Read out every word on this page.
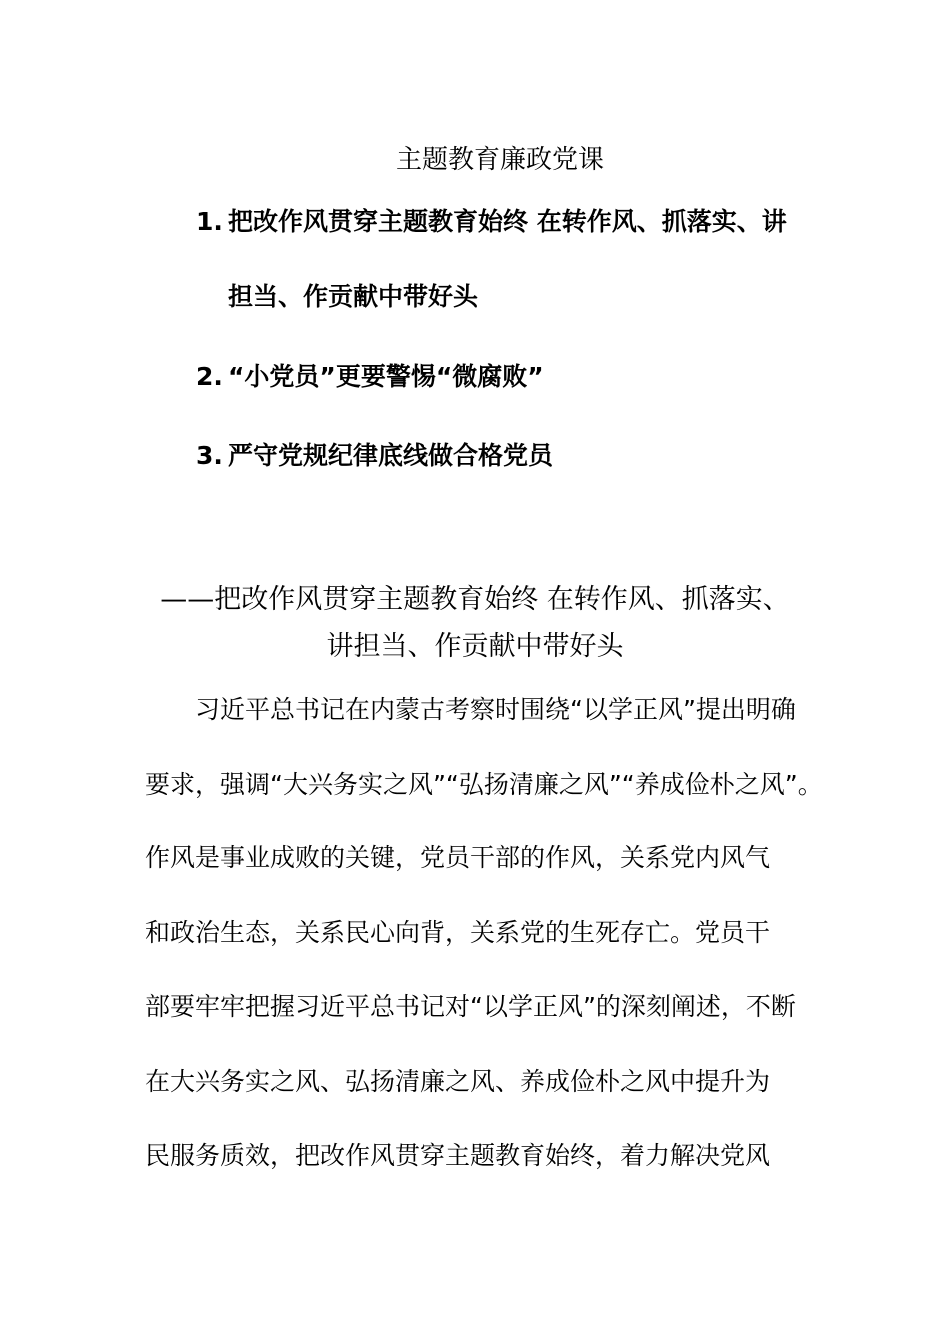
主题教育廉政党课
1. 把改作风贯穿主题教育始终 在转作风、抓落实、讲
担当、作贡献中带好头
2. “小党员”更要警惕“微腐败”
3. 严守党规纪律底线做合格党员
——把改作风贯穿主题教育始终 在转作风、抓落实、
讲担当、作贡献中带好头
习近平总书记在内蒙古考察时围绕“以学正风”提出明确
要求，强调“大兴务实之风”“弘扬清廉之风”“养成俭朴之风”。
作风是事业成败的关键，党员干部的作风，关系党内风气
和政治生态，关系民心向背，关系党的生死存亡。党员干
部要牢牢把握习近平总书记对“以学正风”的深刻阐述，不断
在大兴务实之风、弘扬清廉之风、养成俭朴之风中提升为
民服务质效，把改作风贯穿主题教育始终，着力解决党风
